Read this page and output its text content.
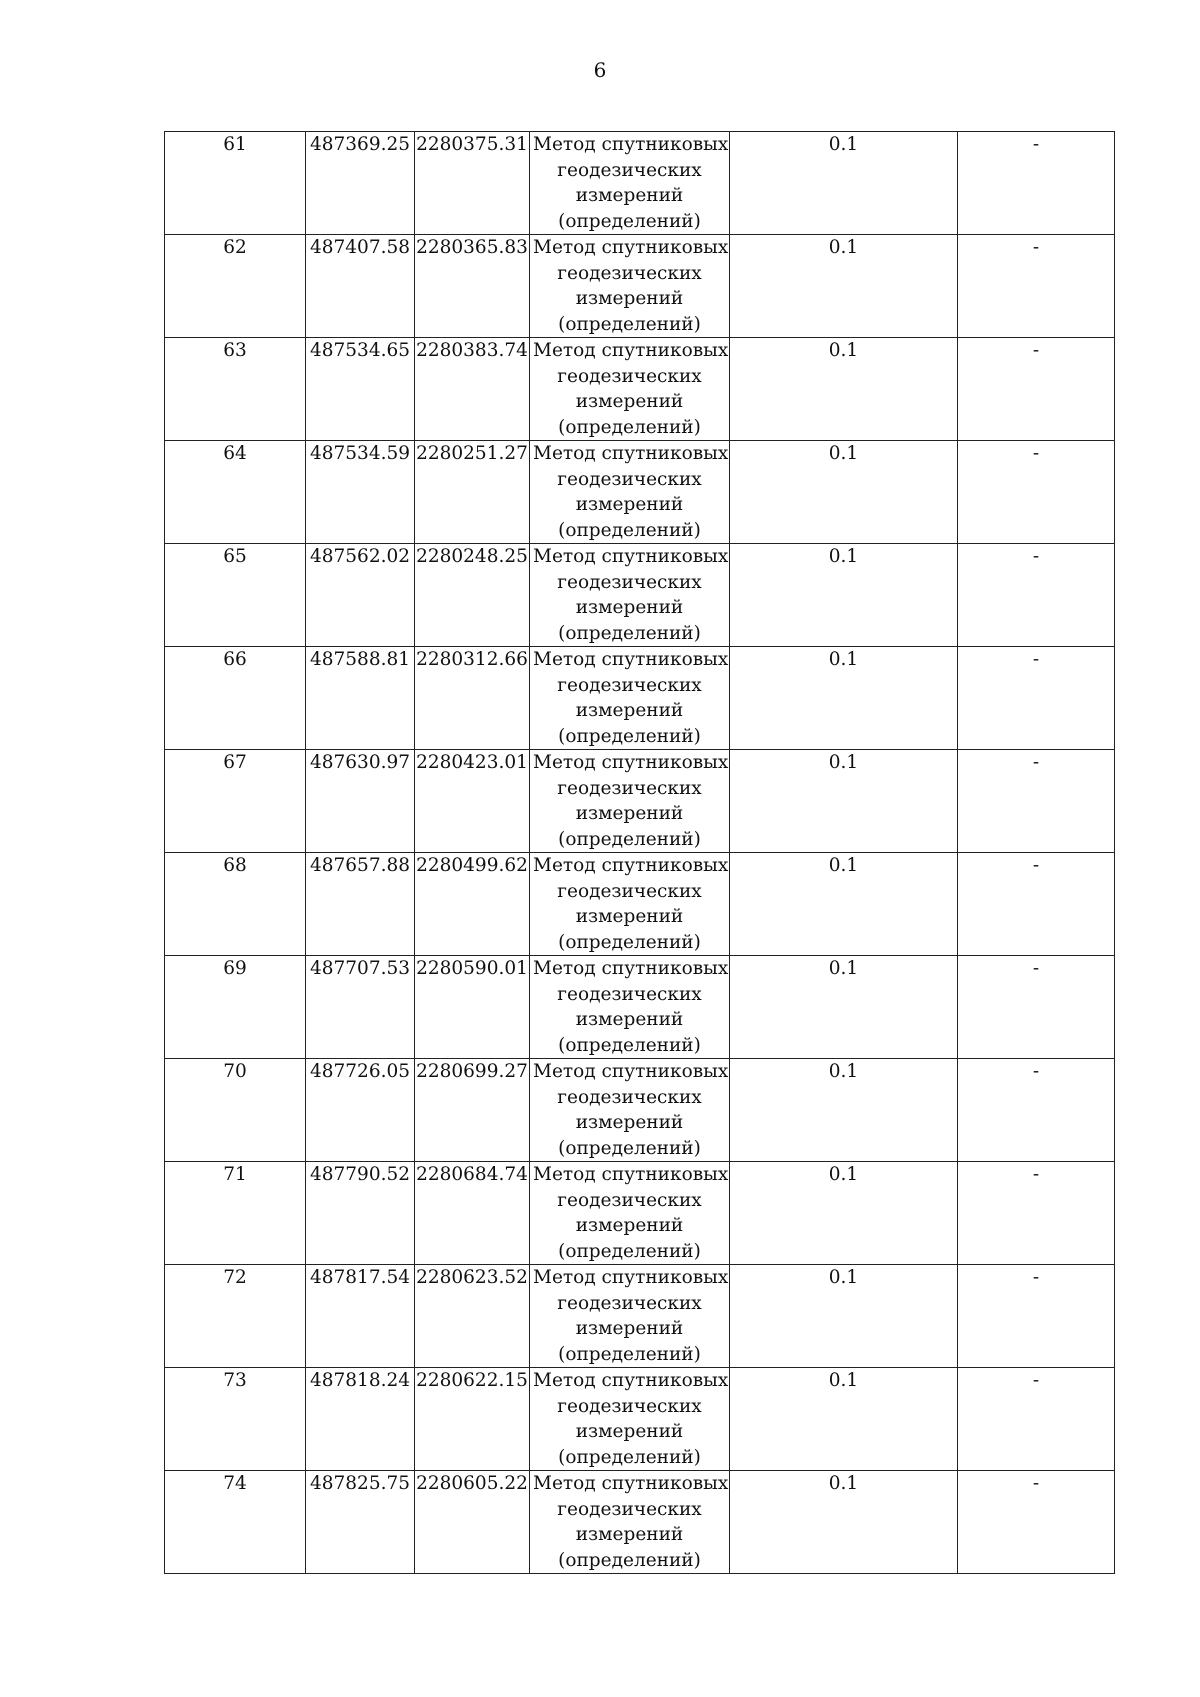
6
61	487369.25	2280375.31	Метод спутниковых
геодезических
измерений
(определений)	0.1	-
62	487407.58	2280365.83	Метод спутниковых
геодезических
измерений
(определений)	0.1	-
63	487534.65	2280383.74	Метод спутниковых
геодезических
измерений
(определений)	0.1	-
64	487534.59	2280251.27	Метод спутниковых
геодезических
измерений
(определений)	0.1	-
65	487562.02	2280248.25	Метод спутниковых
геодезических
измерений
(определений)	0.1	-
66	487588.81	2280312.66	Метод спутниковых
геодезических
измерений
(определений)	0.1	-
67	487630.97	2280423.01	Метод спутниковых
геодезических
измерений
(определений)	0.1	-
68	487657.88	2280499.62	Метод спутниковых
геодезических
измерений
(определений)	0.1	-
69	487707.53	2280590.01	Метод спутниковых
геодезических
измерений
(определений)	0.1	-
70	487726.05	2280699.27	Метод спутниковых
геодезических
измерений
(определений)	0.1	-
71	487790.52	2280684.74	Метод спутниковых
геодезических
измерений
(определений)	0.1	-
72	487817.54	2280623.52	Метод спутниковых
геодезических
измерений
(определений)	0.1	-
73	487818.24	2280622.15	Метод спутниковых
геодезических
измерений
(определений)	0.1	-
74	487825.75	2280605.22	Метод спутниковых
геодезических
измерений
(определений)	0.1	-
